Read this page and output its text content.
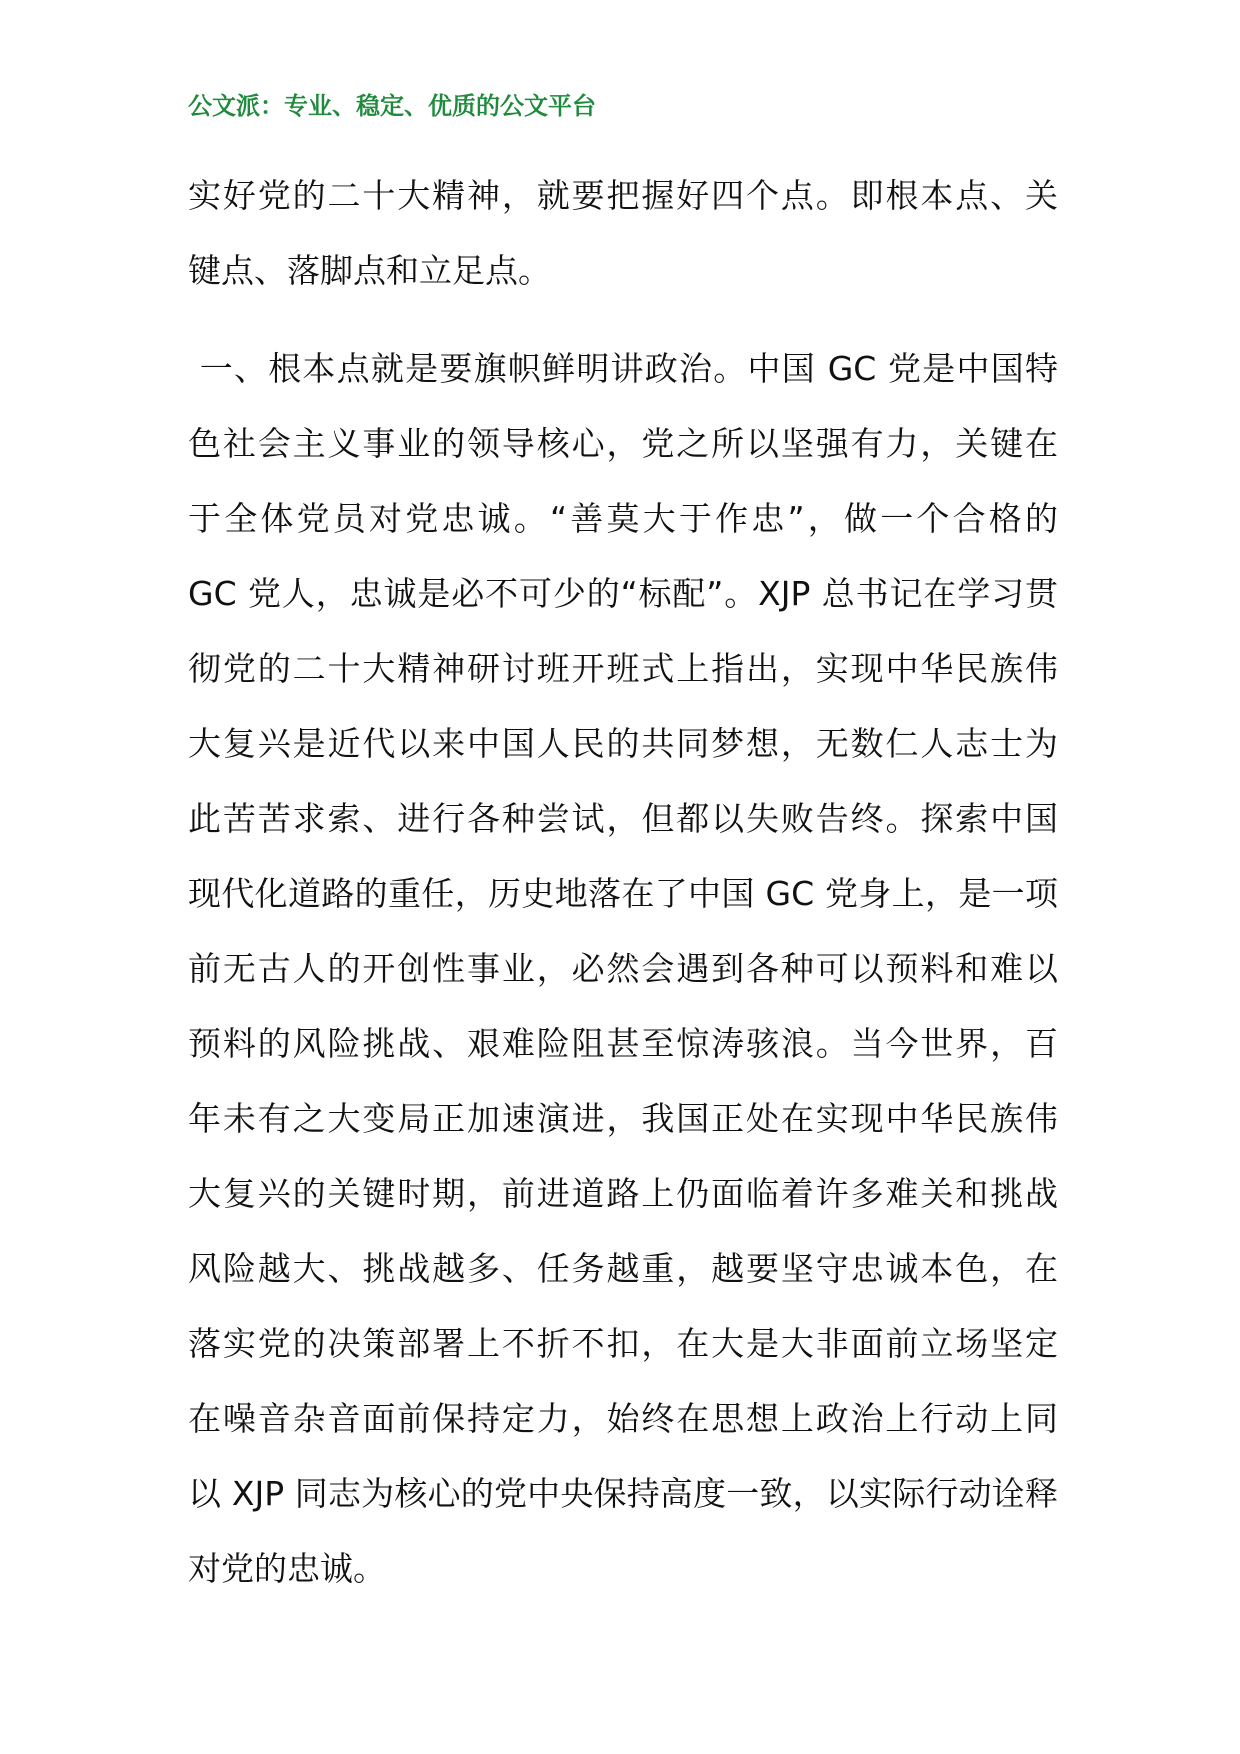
公文派：专业、稳定、优质的公文平台
实好党的二十大精神，就要把握好四个点。即根本点、关
键点、落脚点和立足点。
一、根本点就是要旗帜鲜明讲政治。中国 GC 党是中国特
色社会主义事业的领导核心，党之所以坚强有力，关键在
于全体党员对党忠诚。“善莫大于作忠”，做一个合格的
GC 党人，忠诚是必不可少的“标配”。XJP 总书记在学习贯
彻党的二十大精神研讨班开班式上指出，实现中华民族伟
大复兴是近代以来中国人民的共同梦想，无数仁人志士为
此苦苦求索、进行各种尝试，但都以失败告终。探索中国
现代化道路的重任，历史地落在了中国 GC 党身上，是一项
前无古人的开创性事业，必然会遇到各种可以预料和难以
预料的风险挑战、艰难险阻甚至惊涛骇浪。当今世界，百
年未有之大变局正加速演进，我国正处在实现中华民族伟
大复兴的关键时期，前进道路上仍面临着许多难关和挑战
风险越大、挑战越多、任务越重，越要坚守忠诚本色，在
落实党的决策部署上不折不扣，在大是大非面前立场坚定
在噪音杂音面前保持定力，始终在思想上政治上行动上同
以 XJP 同志为核心的党中央保持高度一致，以实际行动诠释
对党的忠诚。
